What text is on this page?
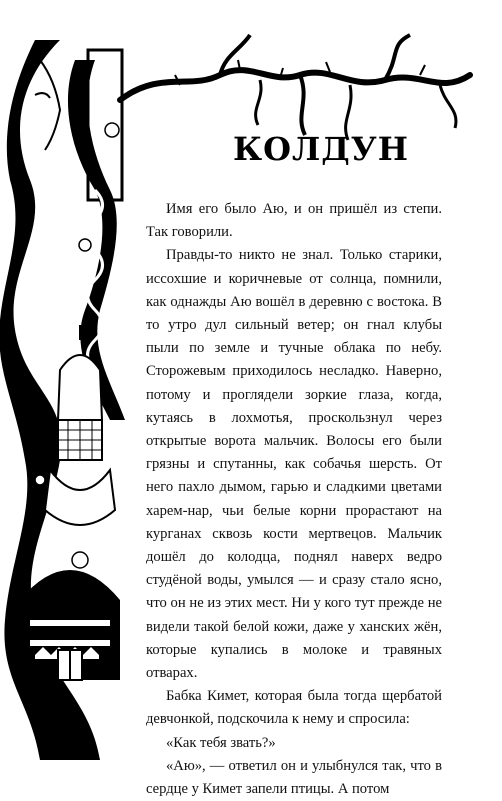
КОЛДУН

Имя его было Аю, и он пришёл из степи. Так говорили.

Правды-то никто не знал. Только старики, иссохшие и коричневые от солнца, помнили, как однажды Аю вошёл в деревню с востока. В то утро дул сильный ветер; он гнал клубы пыли по земле и тучные облака по небу. Сторожевым приходилось несладко. Наверно, потому и проглядели зоркие глаза, когда, кутаясь в лохмотья, проскользнул через открытые ворота мальчик. Волосы его были грязны и спутанны, как собачья шерсть. От него пахло дымом, гарью и сладкими цветами харем-нар, чьи белые корни прорастают на курганах сквозь кости мертвецов. Мальчик дошёл до колодца, поднял наверх ведро студёной воды, умылся — и сразу стало ясно, что он не из этих мест. Ни у кого тут прежде не видели такой белой кожи, даже у ханских жён, которые купались в молоке и травяных отварах.

Бабка Кимет, которая была тогда щербатой девчонкой, подскочила к нему и спросила:

«Как тебя звать?»

«Аю», — ответил он и улыбнулся так, что в сердце у Кимет запели птицы. А потом
